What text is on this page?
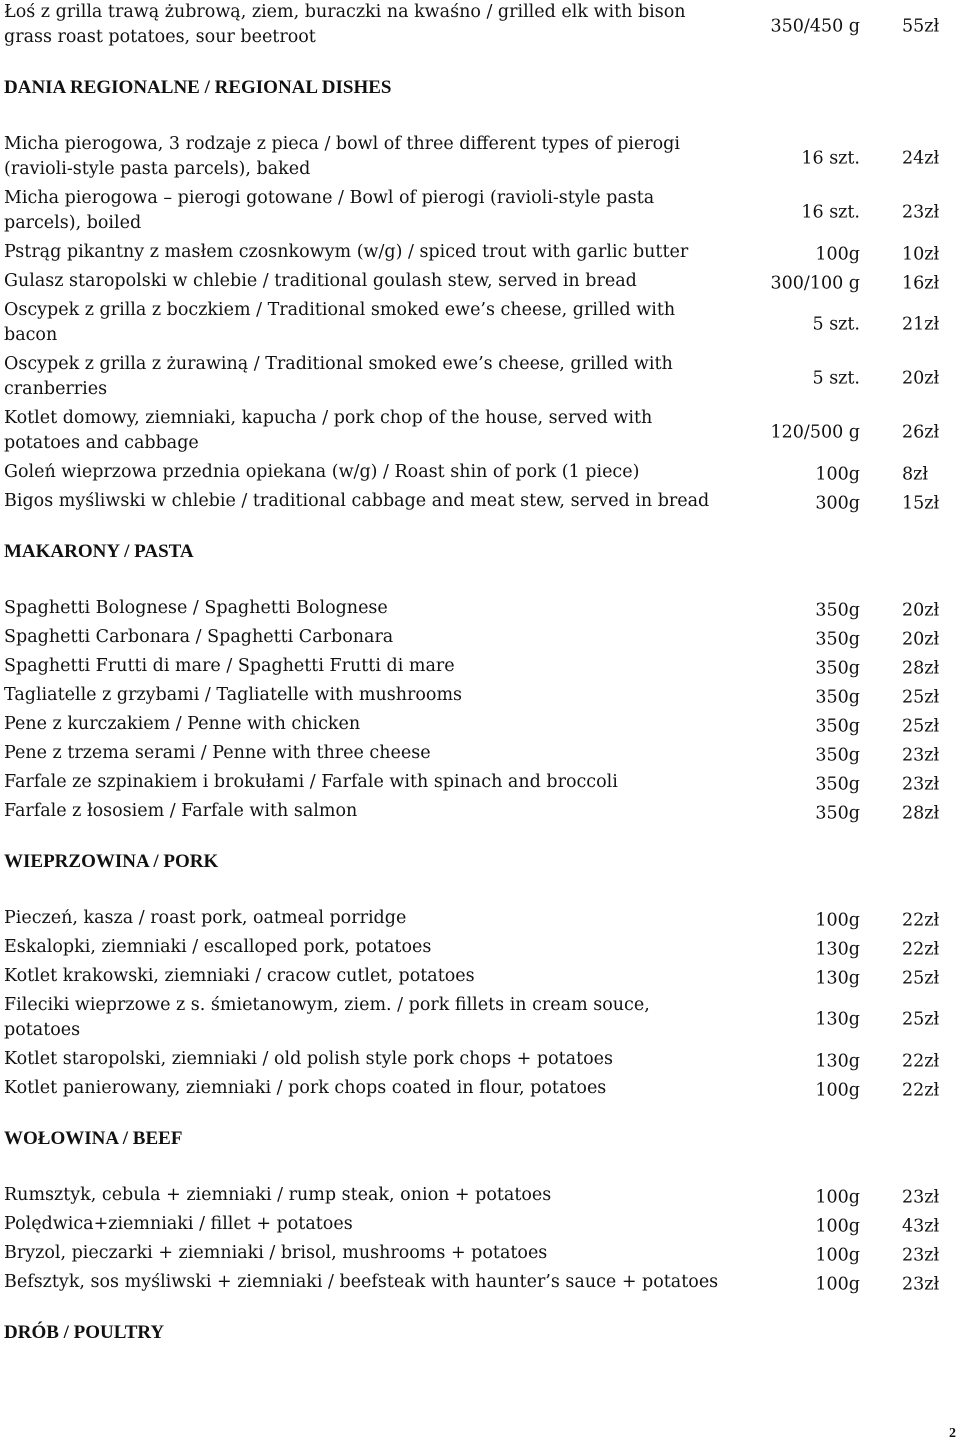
Łoś z grilla trawą żubrową, ziem, buraczki na kwaśno / grilled elk with bison grass roast potatoes, sour beetroot
350/450 g 55zł
DANIA REGIONALNE / REGIONAL DISHES
Micha pierogowa, 3 rodzaje z pieca / bowl of three different types of pierogi (ravioli-style pasta parcels), baked
16 szt. 24zł
Micha pierogowa – pierogi gotowane / Bowl of pierogi (ravioli-style pasta parcels), boiled
16 szt. 23zł
Pstrąg pikantny z masłem czosnkowym (w/g) / spiced trout with garlic butter	100g 10zł
Gulasz staropolski w chlebie / traditional goulash stew, served in bread	300/100 g 16zł
Oscypek z grilla z boczkiem / Traditional smoked ewe’s cheese, grilled with bacon
5 szt. 21zł
Oscypek z grilla z żurawiną / Traditional smoked ewe’s cheese, grilled with cranberries
5 szt. 20zł
Kotlet domowy, ziemniaki, kapucha / pork chop of the house, served with potatoes and cabbage
120/500 g 26zł
Goleń wieprzowa przednia opiekana (w/g) / Roast shin of pork (1 piece)	100g 8zł
Bigos myśliwski w chlebie / traditional cabbage and meat stew, served in bread	300g 15zł
MAKARONY / PASTA
Spaghetti Bolognese / Spaghetti Bolognese	350g 20zł
Spaghetti Carbonara / Spaghetti Carbonara	350g 20zł
Spaghetti Frutti di mare / Spaghetti Frutti di mare	350g 28zł
Tagliatelle z grzybami / Tagliatelle with mushrooms	350g 25zł
Pene z kurczakiem / Penne with chicken	350g 25zł
Pene z trzema serami / Penne with three cheese	350g 23zł
Farfale ze szpinakiem i brokułami / Farfale with spinach and broccoli	350g 23zł
Farfale z łososiem / Farfale with salmon	350g 28zł
WIEPRZOWINA / PORK
Pieczeń, kasza / roast pork, oatmeal porridge	100g 22zł
Eskalopki, ziemniaki / escalloped pork, potatoes	130g 22zł
Kotlet krakowski, ziemniaki / cracow cutlet, potatoes	130g 25zł
Fileciki wieprzowe z s. śmietanowym, ziem. / pork fillets in cream souce, potatoes
130g 25zł
Kotlet staropolski, ziemniaki / old polish style pork chops + potatoes	130g 22zł
Kotlet panierowany, ziemniaki / pork chops coated in flour, potatoes	100g 22zł
WOŁOWINA / BEEF
Rumsztyk, cebula + ziemniaki / rump steak, onion + potatoes	100g 23zł
Polędwica+ziemniaki / fillet + potatoes	100g 43zł
Bryzol, pieczarki + ziemniaki / brisol, mushrooms + potatoes	100g 23zł
Befsztyk, sos myśliwski + ziemniaki / beefsteak with haunter’s sauce + potatoes	100g 23zł
DRÓB / POULTRY
2
